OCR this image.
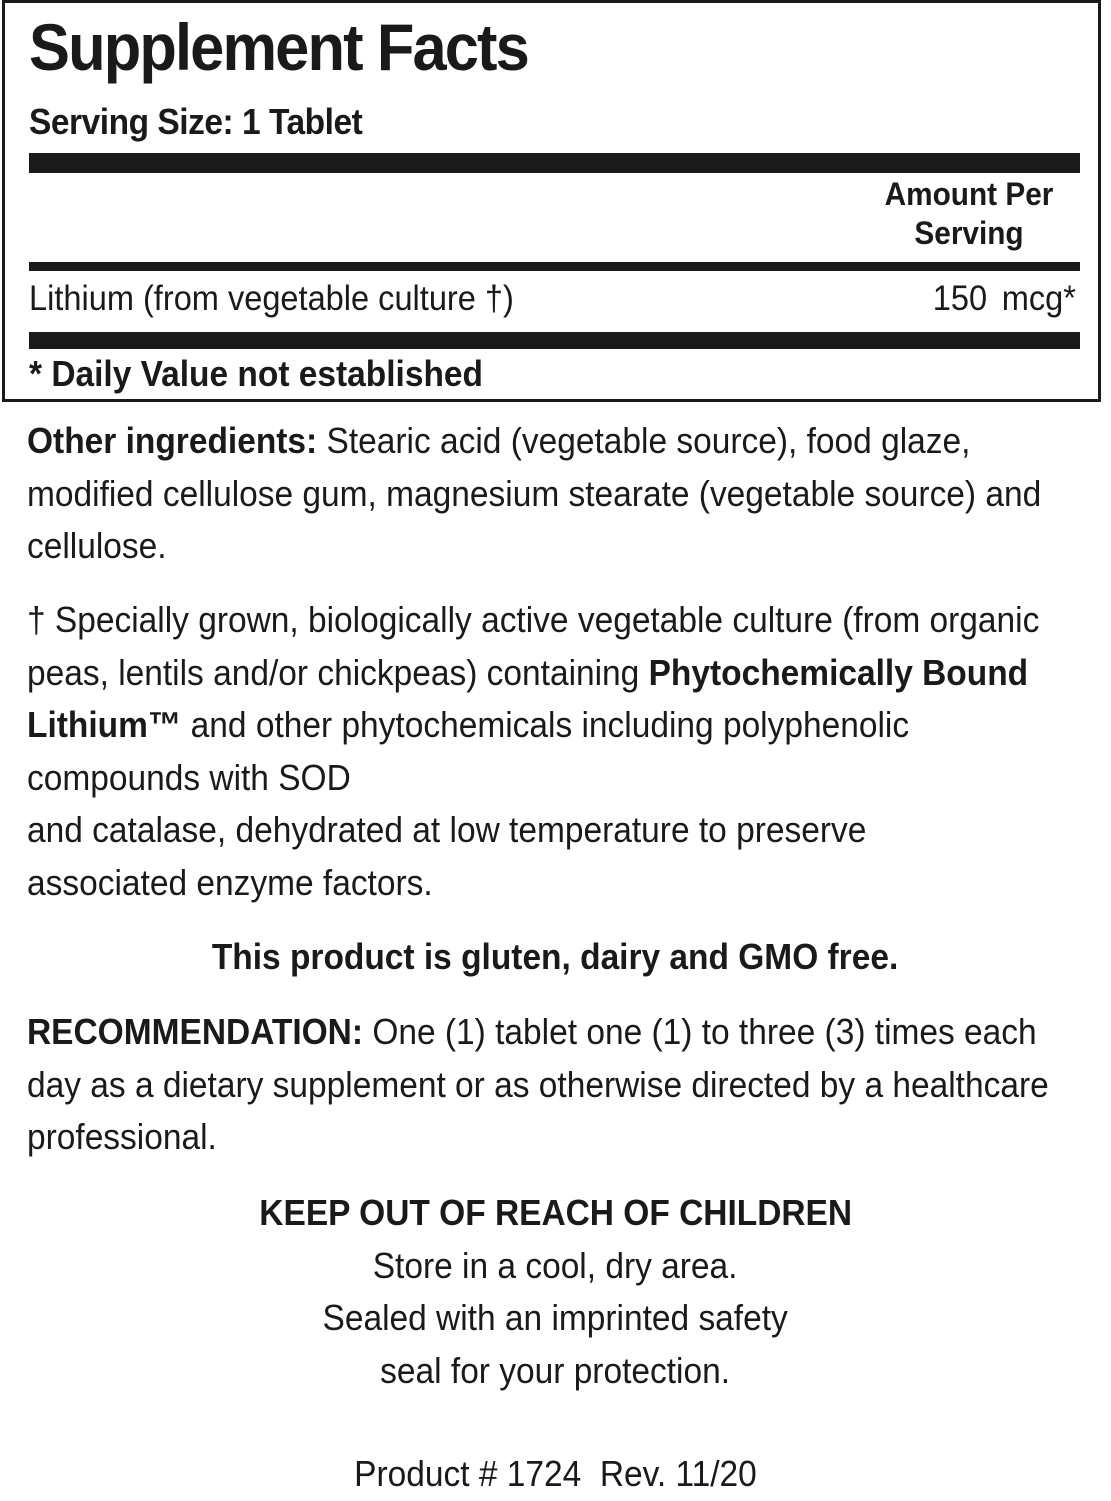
Supplement Facts
Serving Size: 1 Tablet
Amount Per
Serving
Lithium (from vegetable culture †)	150 mcg*
* Daily Value not established
Other ingredients: Stearic acid (vegetable source), food glaze, modified cellulose gum, magnesium stearate (vegetable source) and cellulose.
† Specially grown, biologically active vegetable culture (from organic peas, lentils and/or chickpeas) containing Phytochemically Bound Lithium™ and other phytochemicals including polyphenolic compounds with SOD
and catalase, dehydrated at low temperature to preserve associated enzyme factors.
This product is gluten, dairy and GMO free.
RECOMMENDATION: One (1) tablet one (1) to three (3) times each day as a dietary supplement or as otherwise directed by a healthcare professional.
KEEP OUT OF REACH OF CHILDREN
Store in a cool, dry area.
Sealed with an imprinted safety
seal for your protection.
Product # 1724  Rev. 11/20
